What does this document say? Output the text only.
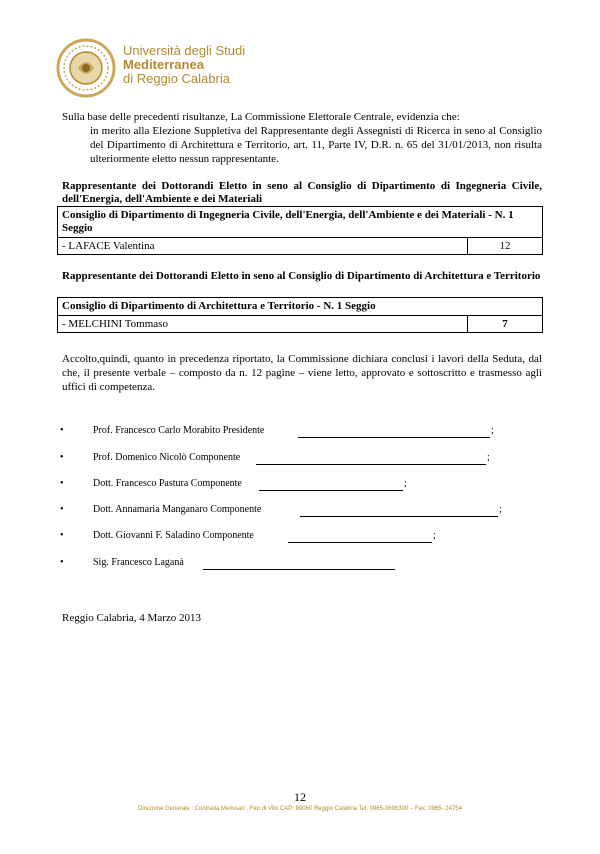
Università degli Studi
Mediterranea
di Reggio Calabria
Sulla base delle precedenti risultanze, La Commissione Elettorale Centrale, evidenzia che:
in merito alla Elezione Suppletiva del Rappresentante degli Assegnisti di Ricerca in seno al Consiglio del Dipartimento di Architettura e Territorio, art. 11, Parte IV, D.R. n. 65 del 31/01/2013, non risulta ulteriormente eletto nessun rappresentante.
Rappresentante dei Dottorandi Eletto in seno al Consiglio di Dipartimento di Ingegneria Civile, dell'Energia, dell'Ambiente e dei Materiali
Consiglio di Dipartimento di Ingegneria Civile, dell'Energia, dell'Ambiente e dei Materiali - N. 1 Seggio
- LAFACE Valentina	12
Rappresentante dei Dottorandi Eletto in seno al Consiglio di Dipartimento di Architettura e Territorio
Consiglio di Dipartimento di Architettura e Territorio - N. 1 Seggio
- MELCHINI Tommaso	7
Accolto,quindi, quanto in precedenza riportato, la Commissione dichiara conclusi i lavori della Seduta, dal che, il presente verbale – composto da n. 12 pagine – viene letto, approvato e sottoscritto e trasmesso agli uffici di competenza.
•	Prof. Francesco Carlo Morabito Presidente	;
•	Prof. Domenico Nicolò Componente	;
•	Dott. Francesco Pastura Componente	;
•	Dott. Annamaria Manganaro Componente	;
•	Dott. Giovanni F. Saladino Componente	;
•	Sig. Francesco Laganà
Reggio Calabria, 4 Marzo 2013
12
Direzione Generale : Contrada Melissari , Feo di Vito CAP: 89060 Reggio Calabria Tel: 0965-3695300 – Fax: 0965- 24754
